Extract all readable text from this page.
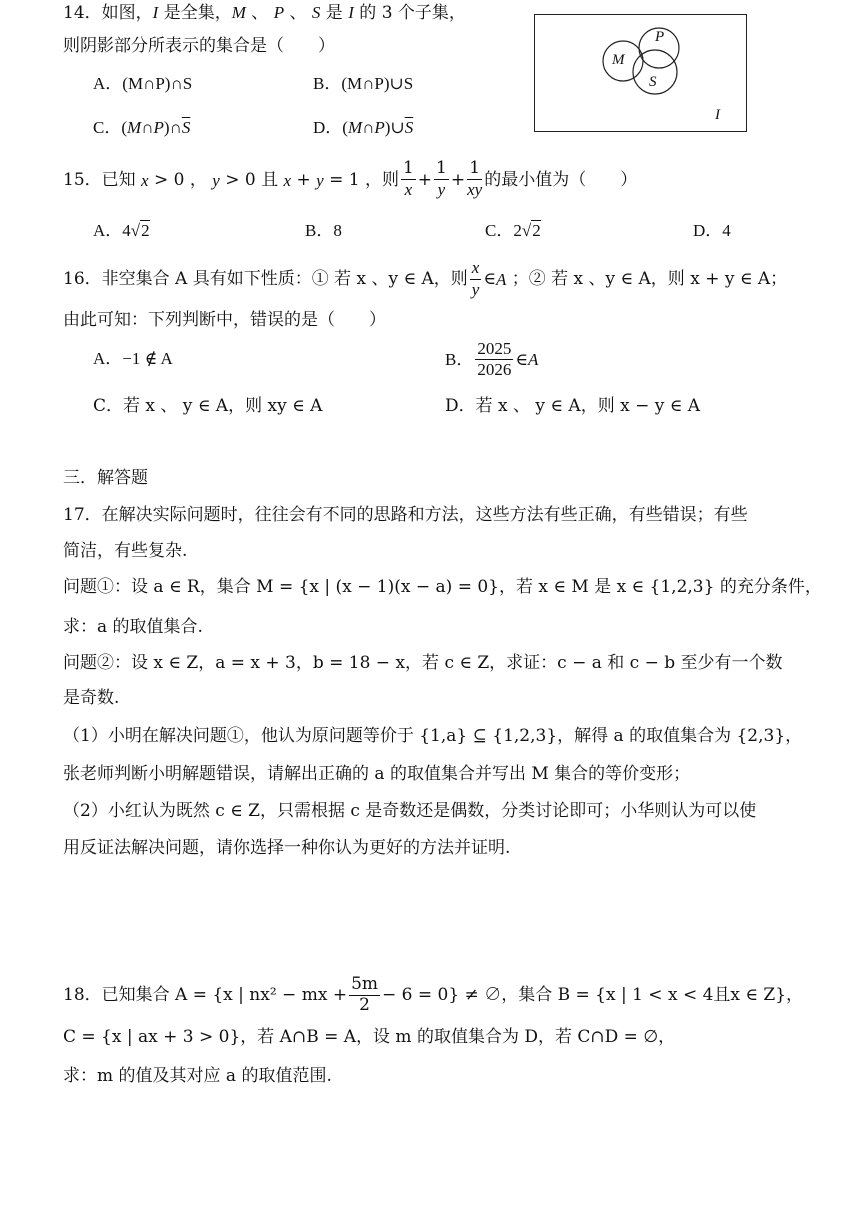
14．如图，I 是全集，M 、 P 、 S 是 I 的 3 个子集，
则阴影部分所表示的集合是（　　）
A．(M∩P)∩S	B．(M∩P)∪S
C．$(M\cap P)\cap\overline{S}$	D．$(M\cap P)\cup\overline{S}$
M
P
S
I
15．已知
x > 0 ， y > 0 且 x + y = 1 ，则 $\frac{1}{x} + \frac{1}{y} + \frac{1}{xy}$ 的最小值为（　　）
A．4√2	B．8	C．2√2	D．4
16．非空集合 A 具有如下性质：① 若 x 、y ∈ A，则 $\frac{x}{y}$ ∈ A
；② 若 x 、y ∈ A，则 x + y ∈ A；
由此可知：下列判断中，错误的是（　　）
A．−1 ∉ A	B． $\frac{2025}{2026}$ ∈ A
C．若 x 、 y ∈ A，则 xy ∈ A	D．若 x 、 y ∈ A，则 x − y ∈ A
三．解答题
17．在解决实际问题时，往往会有不同的思路和方法，这些方法有些正确，有些错误；有些
简洁，有些复杂.
问题①：设 a ∈ R，集合 M = {x | (x − 1)(x − a) = 0}，若 x ∈ M 是 x ∈ {1,2,3} 的充分条件，
求：a 的取值集合.
问题②：设 x ∈ Z，a = x + 3，b = 18 − x，若 c ∈ Z，求证：c − a 和 c − b 至少有一个数
是奇数.
（1）小明在解决问题①，他认为原问题等价于 {1,a} ⊆ {1,2,3}，解得 a 的取值集合为 {2,3}，
张老师判断小明解题错误，请解出正确的 a 的取值集合并写出 M 集合的等价变形；
（2）小红认为既然 c ∈ Z，只需根据 c 是奇数还是偶数，分类讨论即可；小华则认为可以使
用反证法解决问题，请你选择一种你认为更好的方法并证明.
18．已知集合 A = {x | nx² − mx + $\frac{5m}{2} - 6 = 0$} ≠ ∅，集合 B = {x | 1 < x < 4且x ∈ Z}，
C = {x | ax + 3 > 0}，若 A∩B = A，设 m 的取值集合为 D，若 C∩D = ∅，
求：m 的值及其对应 a 的取值范围.
